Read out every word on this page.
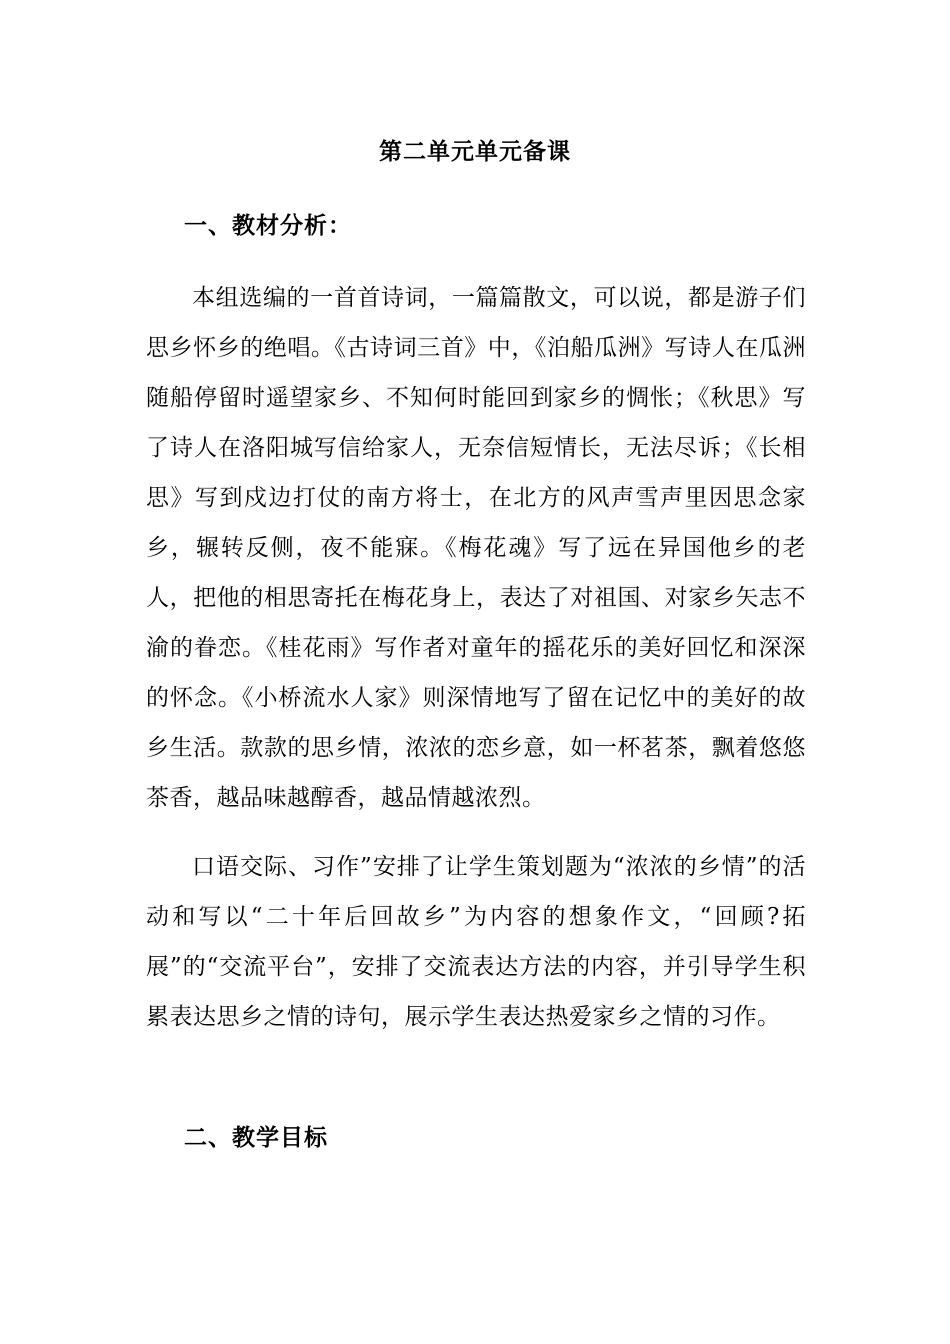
第二单元单元备课
一、教材分析：

本组选编的一首首诗词，一篇篇散文，可以说，都是游子们思乡怀乡的绝唱。《古诗词三首》中，《泊船瓜洲》写诗人在瓜洲随船停留时遥望家乡、不知何时能回到家乡的惆怅；《秋思》写了诗人在洛阳城写信给家人，无奈信短情长，无法尽诉；《长相思》写到戍边打仗的南方将士，在北方的风声雪声里因思念家乡，辗转反侧，夜不能寐。《梅花魂》写了远在异国他乡的老人，把他的相思寄托在梅花身上，表达了对祖国、对家乡矢志不渝的眷恋。《桂花雨》写作者对童年的摇花乐的美好回忆和深深的怀念。《小桥流水人家》则深情地写了留在记忆中的美好的故乡生活。款款的思乡情，浓浓的恋乡意，如一杯茗茶，飘着悠悠茶香，越品味越醇香，越品情越浓烈。

口语交际、习作”安排了让学生策划题为“浓浓的乡情”的活动和写以“二十年后回故乡”为内容的想象作文，“回顾?拓展”的“交流平台”，安排了交流表达方法的内容，并引导学生积累表达思乡之情的诗句，展示学生表达热爱家乡之情的习作。

二、教学目标
